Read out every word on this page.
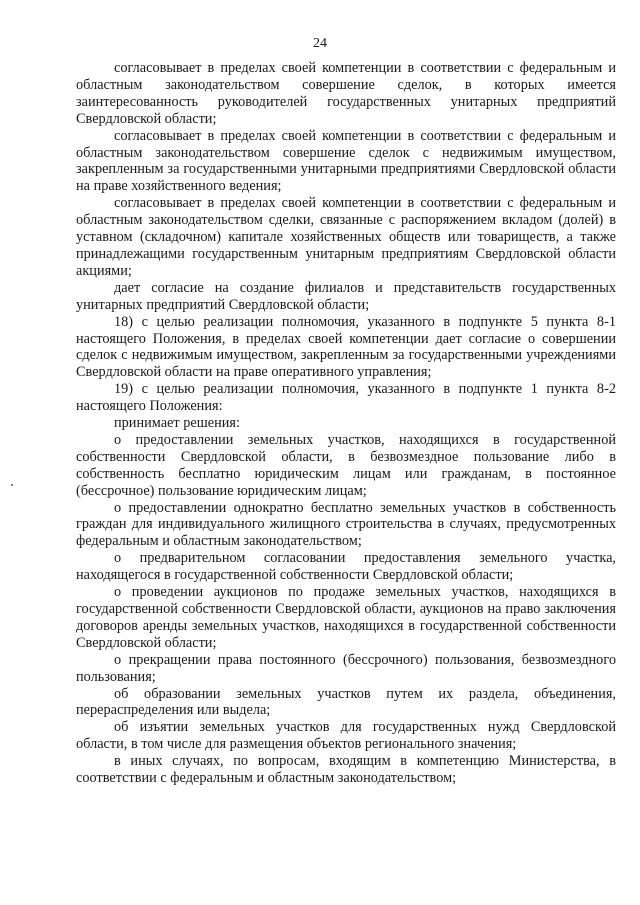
24

согласовывает в пределах своей компетенции в соответствии с федеральным и областным законодательством совершение сделок, в которых имеется заинтересованность руководителей государственных унитарных предприятий Свердловской области;

согласовывает в пределах своей компетенции в соответствии с федеральным и областным законодательством совершение сделок с недвижимым имуществом, закрепленным за государственными унитарными предприятиями Свердловской области на праве хозяйственного ведения;

согласовывает в пределах своей компетенции в соответствии с федеральным и областным законодательством сделки, связанные с распоряжением вкладом (долей) в уставном (складочном) капитале хозяйственных обществ или товариществ, а также принадлежащими государственным унитарным предприятиям Свердловской области акциями;

дает согласие на создание филиалов и представительств государственных унитарных предприятий Свердловской области;

18) с целью реализации полномочия, указанного в подпункте 5 пункта 8-1 настоящего Положения, в пределах своей компетенции дает согласие о совершении сделок с недвижимым имуществом, закрепленным за государственными учреждениями Свердловской области на праве оперативного управления;

19) с целью реализации полномочия, указанного в подпункте 1 пункта 8-2 настоящего Положения:

принимает решения:

о предоставлении земельных участков, находящихся в государственной собственности Свердловской области, в безвозмездное пользование либо в собственность бесплатно юридическим лицам или гражданам, в постоянное (бессрочное) пользование юридическим лицам;

о предоставлении однократно бесплатно земельных участков в собственность граждан для индивидуального жилищного строительства в случаях, предусмотренных федеральным и областным законодательством;

о предварительном согласовании предоставления земельного участка, находящегося в государственной собственности Свердловской области;

о проведении аукционов по продаже земельных участков, находящихся в государственной собственности Свердловской области, аукционов на право заключения договоров аренды земельных участков, находящихся в государственной собственности Свердловской области;

о прекращении права постоянного (бессрочного) пользования, безвозмездного пользования;

об образовании земельных участков путем их раздела, объединения, перераспределения или выдела;

об изъятии земельных участков для государственных нужд Свердловской области, в том числе для размещения объектов регионального значения;

в иных случаях, по вопросам, входящим в компетенцию Министерства, в соответствии с федеральным и областным законодательством;
